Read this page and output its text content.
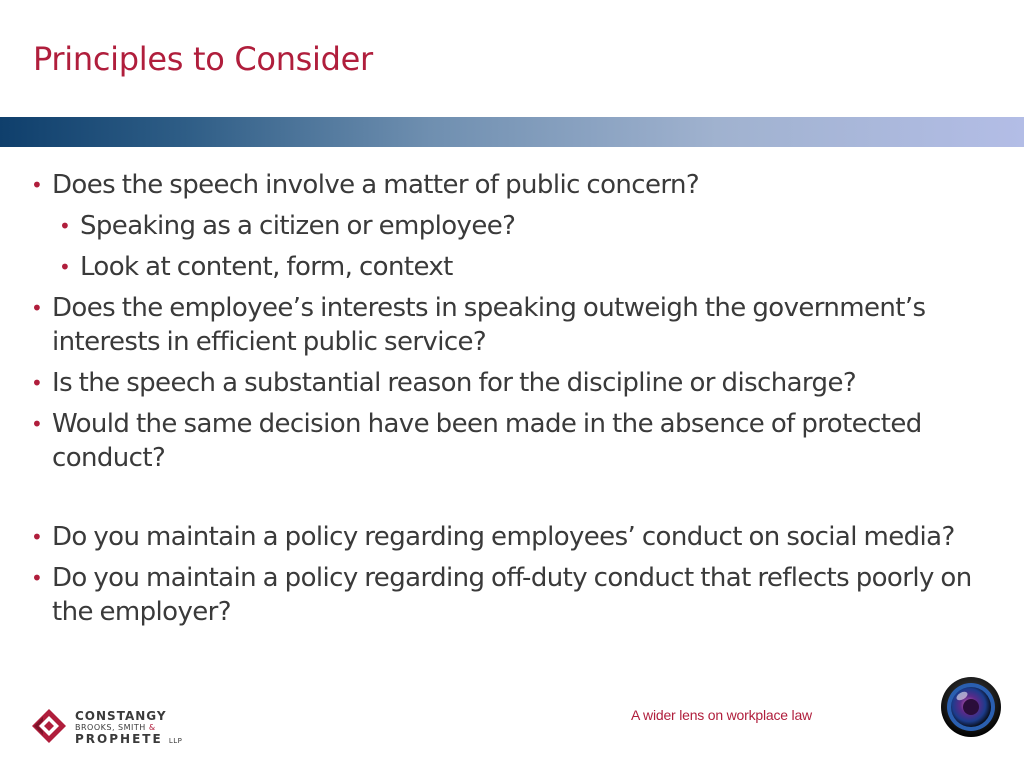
Principles to Consider
• Does the speech involve a matter of public concern?
• Speaking as a citizen or employee?
• Look at content, form, context
• Does the employee’s interests in speaking outweigh the government’s interests in efficient public service?
• Is the speech a substantial reason for the discipline or discharge?
• Would the same decision have been made in the absence of protected conduct?
• Do you maintain a policy regarding employees’ conduct on social media?
• Do you maintain a policy regarding off-duty conduct that reflects poorly on the employer?
CONSTANGY
BROOKS, SMITH &
PROPHETE LLP
A wider lens on workplace law
